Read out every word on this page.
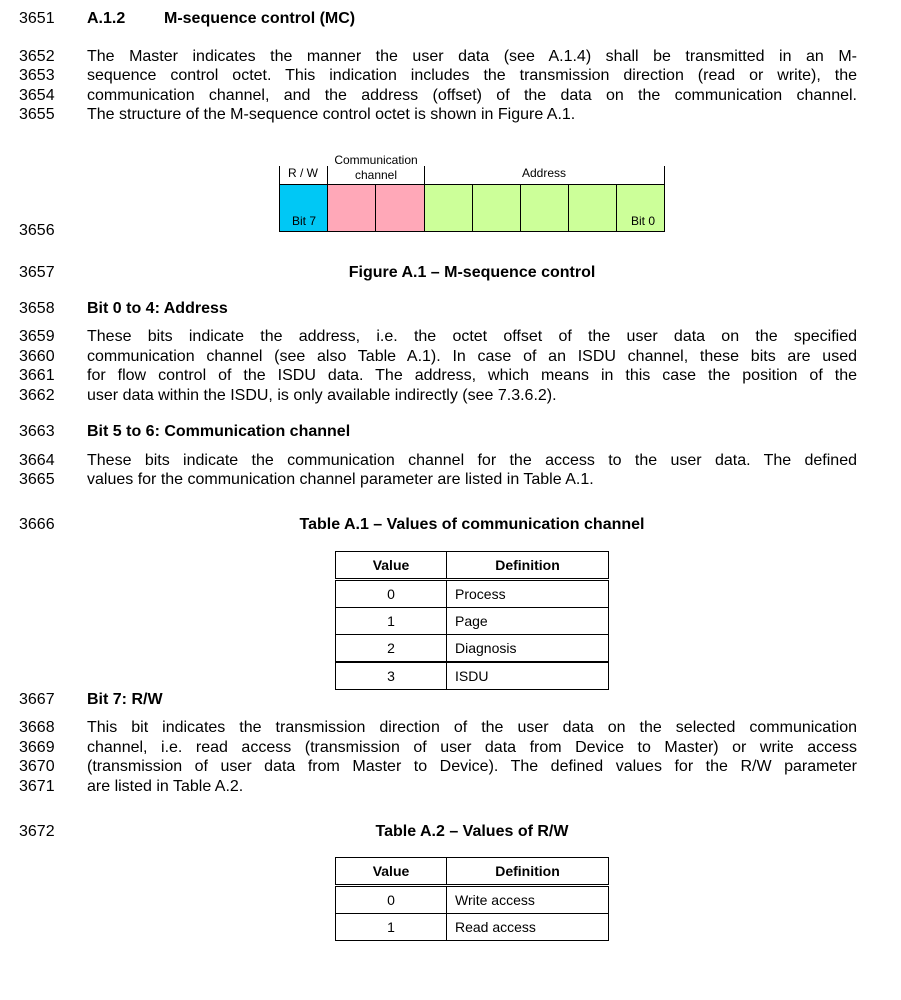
3651
3652
3653
3654
3655
3656
3657
3658
3659
3660
3661
3662
3663
3664
3665
3666
3667
3668
3669
3670
3671
3672
A.1.2 M-sequence control (MC)
The Master indicates the manner the user data (see A.1.4) shall be transmitted in an M-
sequence control octet. This indication includes the transmission direction (read or write), the
communication channel, and the address (offset) of the data on the communication channel.
The structure of the M-sequence control octet is shown in Figure A.1.
R / W
Communication
channel	Address
Bit 7	Bit 0
Figure A.1 – M-sequence control
Bit 0 to 4: Address
These bits indicate the address, i.e. the octet offset of the user data on the specified
communication channel (see also Table A.1). In case of an ISDU channel, these bits are used
for flow control of the ISDU data. The address, which means in this case the position of the
user data within the ISDU, is only available indirectly (see 7.3.6.2).
Bit 5 to 6: Communication channel
These bits indicate the communication channel for the access to the user data. The defined
values for the communication channel parameter are listed in Table A.1.
Table A.1 – Values of communication channel
Value	Definition
0	Process
1	Page
2	Diagnosis
3	ISDU
Bit 7: R/W
This bit indicates the transmission direction of the user data on the selected communication
channel, i.e. read access (transmission of user data from Device to Master) or write access
(transmission of user data from Master to Device). The defined values for the R/W parameter
are listed in Table A.2.
Table A.2 – Values of R/W
Value	Definition
0	Write access
1	Read access
